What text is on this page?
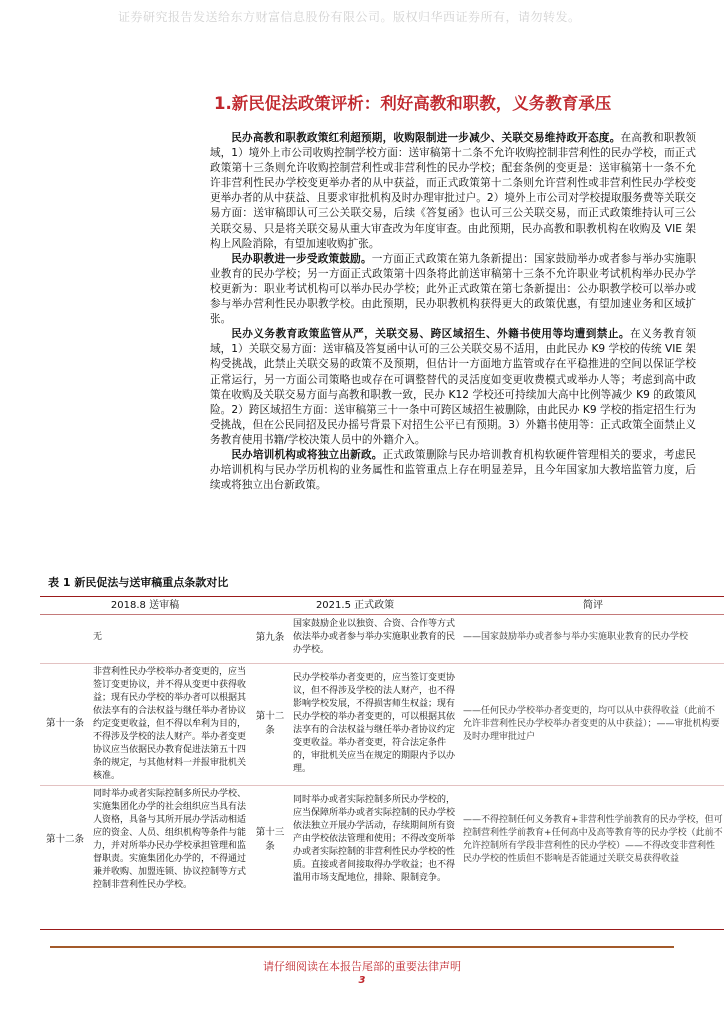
证券研究报告发送给东方财富信息股份有限公司。版权归华西证券所有，请勿转发。
1.新民促法政策评析：利好高教和职教，义务教育承压

民办高教和职教政策红利超预期，收购限制进一步减少、关联交易维持政开态度。在高教和职教领域，1）境外上市公司收购控制学校方面：送审稿第十二条不允许收购控制非营利性的民办学校，而正式政策第十三条则允许收购控制营利性或非营利性的民办学校；配套条例的变更是：送审稿第十一条不允许非营利性民办学校变更举办者的从中获益，而正式政策第十二条则允许营利性或非营利性民办学校变更举办者的从中获益、且要求审批机构及时办理审批过户。2）境外上市公司对学校提取服务费等关联交易方面：送审稿即认可三公关联交易，后续《答复函》也认可三公关联交易，而正式政策维持认可三公关联交易、只是将关联交易从重大审查改为年度审查。由此预期，民办高教和职教机构在收购及 VIE 架构上风险消除，有望加速收购扩张。

民办职教进一步受政策鼓励。一方面正式政策在第九条新提出：国家鼓励举办或者参与举办实施职业教育的民办学校；另一方面正式政策第十四条将此前送审稿第十三条不允许职业考试机构举办民办学校更新为：职业考试机构可以举办民办学校；此外正式政策在第七条新提出：公办职教学校可以举办或参与举办营利性民办职教学校。由此预期，民办职教机构获得更大的政策优惠，有望加速业务和区域扩张。

民办义务教育政策监管从严，关联交易、跨区域招生、外籍书使用等均遭到禁止。在义务教育领域，1）关联交易方面：送审稿及答复函中认可的三公关联交易不适用，由此民办 K9 学校的传统 VIE 架构受挑战，此禁止关联交易的政策不及预期，但估计一方面地方监管或存在平稳推进的空间以保证学校正常运行，另一方面公司策略也或存在可调整替代的灵活度如变更收费模式或举办人等；考虑到高中政策在收购及关联交易方面与高教和职教一致，民办 K12 学校还可持续加大高中比例等减少 K9 的政策风险。2）跨区域招生方面：送审稿第三十一条中可跨区域招生被删除，由此民办 K9 学校的指定招生行为受挑战，但在公民同招及民办摇号背景下对招生公平已有预期。3）外籍书使用等：正式政策全面禁止义务教育使用书籍/学校决策人员中的外籍介入。

民办培训机构或将独立出新政。正式政策删除与民办培训教育机构软硬件管理相关的要求，考虑民办培训机构与民办学历机构的业务属性和监管重点上存在明显差异，且今年国家加大教培监管力度，后续或将独立出台新政策。

表 1 新民促法与送审稿重点条款对比
2018.8 送审稿		2021.5 正式政策		简评
	无	第九条	国家鼓励企业以独资、合资、合作等方式依法举办或者参与举办实施职业教育的民办学校。	——国家鼓励举办或者参与举办实施职业教育的民办学校
第十一条	非营利性民办学校举办者变更的，应当签订变更协议，并不得从变更中获得收益；现有民办学校的举办者可以根据其依法享有的合法权益与继任举办者协议约定变更收益，但不得以牟利为目的，不得涉及学校的法人财产。举办者变更协议应当依据民办教育促进法第五十四条的规定，与其他材料一并报审批机关核准。	第十二条	民办学校举办者变更的，应当签订变更协议，但不得涉及学校的法人财产，也不得影响学校发展，不得损害师生权益；现有民办学校的举办者变更的，可以根据其依法享有的合法权益与继任举办者协议约定变更收益。举办者变更，符合法定条件的，审批机关应当在规定的期限内予以办理。	——任何民办学校举办者变更的，均可以从中获得收益（此前不允许非营利性民办学校举办者变更的从中获益）；——审批机构要及时办理审批过户
第十二条	同时举办或者实际控制多所民办学校、实施集团化办学的社会组织应当具有法人资格，具备与其所开展办学活动相适应的资金、人员、组织机构等条件与能力，并对所举办民办学校承担管理和监督职责。实施集团化办学的，不得通过兼并收购、加盟连锁、协议控制等方式控制非营利性民办学校。	第十三条	同时举办或者实际控制多所民办学校的，应当保障所举办或者实际控制的民办学校依法独立开展办学活动，存续期间所有资产由学校依法管理和使用；不得改变所举办或者实际控制的非营利性民办学校的性质。直接或者间接取得办学收益；也不得滥用市场支配地位，排除、限制竞争。	——不得控制任何义务教育+非营利性学前教育的民办学校，但可控制营利性学前教育+任何高中及高等教育等的民办学校（此前不允许控制所有学段非营利性的民办学校）——不得改变非营利性民办学校的性质但不影响是否能通过关联交易获得收益
请仔细阅读在本报告尾部的重要法律声明
3
